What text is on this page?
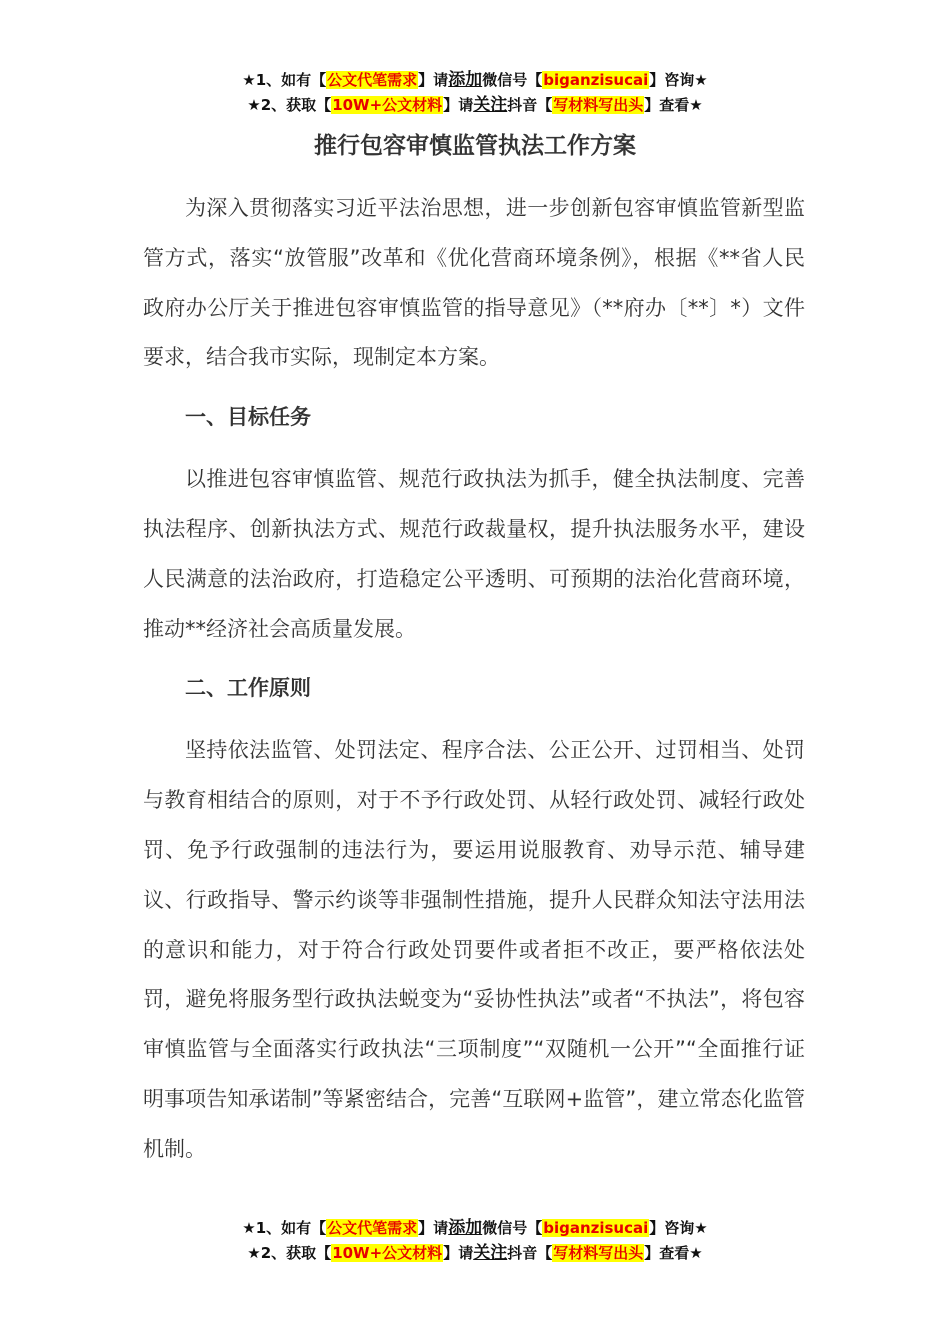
★1、如有【公文代笔需求】请添加微信号【biganzisucai】咨询★
★2、获取【10W+公文材料】请关注抖音【写材料写出头】查看★
推行包容审慎监管执法工作方案

为深入贯彻落实习近平法治思想，进一步创新包容审慎监管新型监管方式，落实“放管服”改革和《优化营商环境条例》，根据《**省人民政府办公厅关于推进包容审慎监管的指导意见》（**府办〔**〕*）文件要求，结合我市实际，现制定本方案。

一、目标任务

以推进包容审慎监管、规范行政执法为抓手，健全执法制度、完善执法程序、创新执法方式、规范行政裁量权，提升执法服务水平，建设人民满意的法治政府，打造稳定公平透明、可预期的法治化营商环境，推动**经济社会高质量发展。

二、工作原则

坚持依法监管、处罚法定、程序合法、公正公开、过罚相当、处罚与教育相结合的原则，对于不予行政处罚、从轻行政处罚、减轻行政处罚、免予行政强制的违法行为，要运用说服教育、劝导示范、辅导建议、行政指导、警示约谈等非强制性措施，提升人民群众知法守法用法的意识和能力，对于符合行政处罚要件或者拒不改正，要严格依法处罚，避免将服务型行政执法蜕变为“妥协性执法”或者“不执法”，将包容审慎监管与全面落实行政执法“三项制度”“双随机一公开”“全面推行证明事项告知承诺制”等紧密结合，完善“互联网+监管”，建立常态化监管机制。

★1、如有【公文代笔需求】请添加微信号【biganzisucai】咨询★
★2、获取【10W+公文材料】请关注抖音【写材料写出头】查看★
